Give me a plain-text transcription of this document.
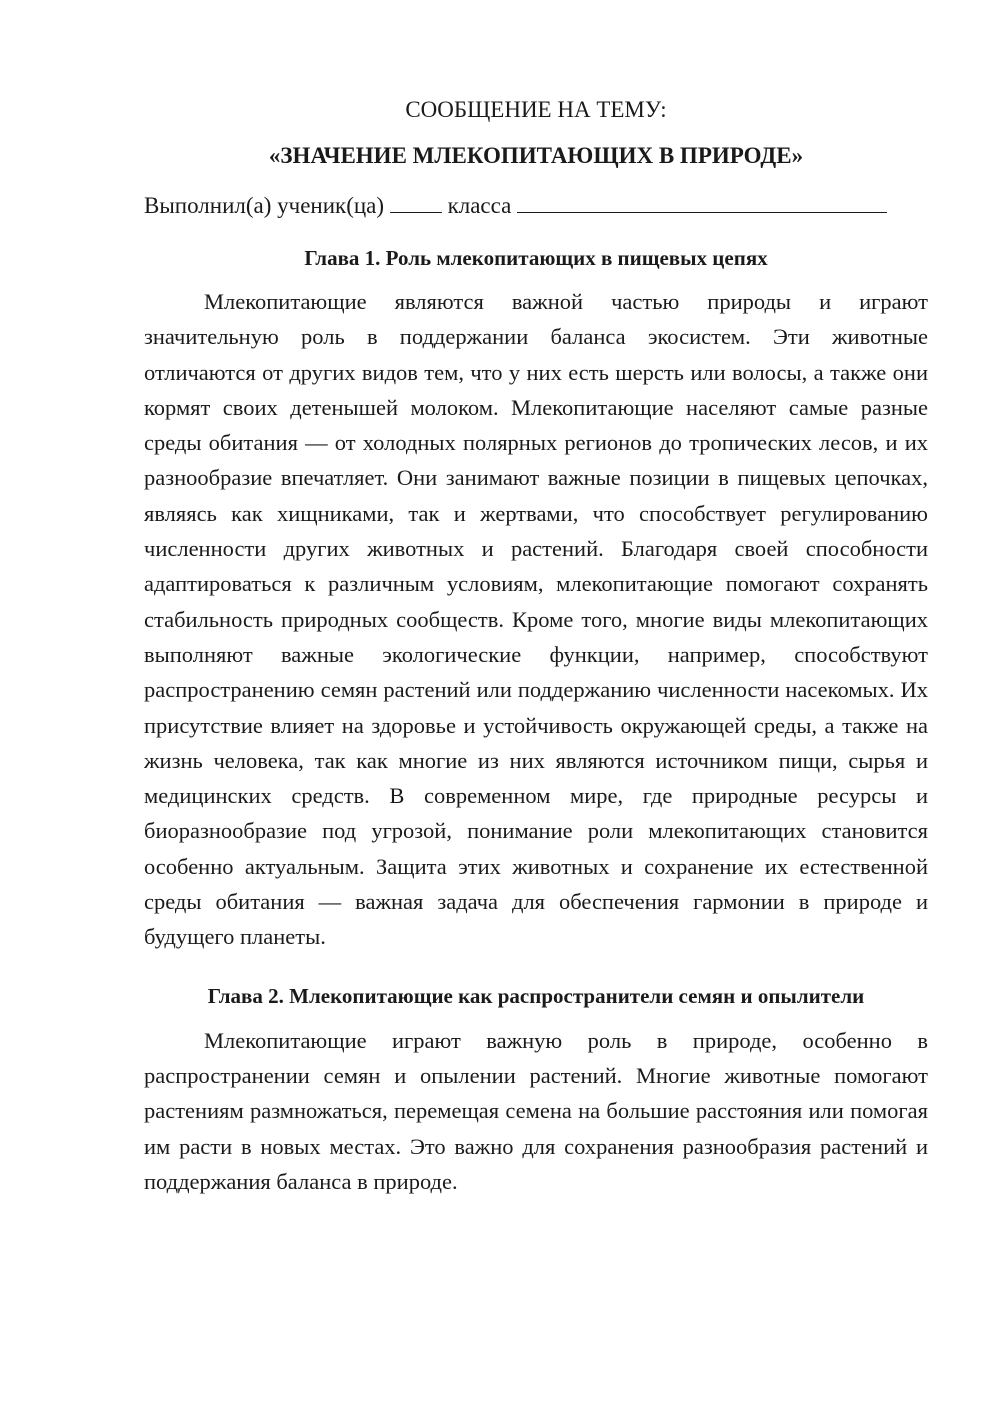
СООБЩЕНИЕ НА ТЕМУ:

«ЗНАЧЕНИЕ МЛЕКОПИТАЮЩИХ В ПРИРОДЕ»

Выполнил(а) ученик(ца)	класса

Глава 1. Роль млекопитающих в пищевых цепях

Млекопитающие являются важной частью природы и играют значительную роль в поддержании баланса экосистем. Эти животные отличаются от других видов тем, что у них есть шерсть или волосы, а также они кормят своих детенышей молоком. Млекопитающие населяют самые разные среды обитания — от холодных полярных регионов до тропических лесов, и их разнообразие впечатляет. Они занимают важные позиции в пищевых цепочках, являясь как хищниками, так и жертвами, что способствует регулированию численности других животных и растений. Благодаря своей способности адаптироваться к различным условиям, млекопитающие помогают сохранять стабильность природных сообществ. Кроме того, многие виды млекопитающих выполняют важные экологические функции, например, способствуют распространению семян растений или поддержанию численности насекомых. Их присутствие влияет на здоровье и устойчивость окружающей среды, а также на жизнь человека, так как многие из них являются источником пищи, сырья и медицинских средств. В современном мире, где природные ресурсы и биоразнообразие под угрозой, понимание роли млекопитающих становится особенно актуальным. Защита этих животных и сохранение их естественной среды обитания — важная задача для обеспечения гармонии в природе и будущего планеты.

Глава 2. Млекопитающие как распространители семян и опылители

Млекопитающие играют важную роль в природе, особенно в распространении семян и опылении растений. Многие животные помогают растениям размножаться, перемещая семена на большие расстояния или помогая им расти в новых местах. Это важно для сохранения разнообразия растений и поддержания баланса в природе.
